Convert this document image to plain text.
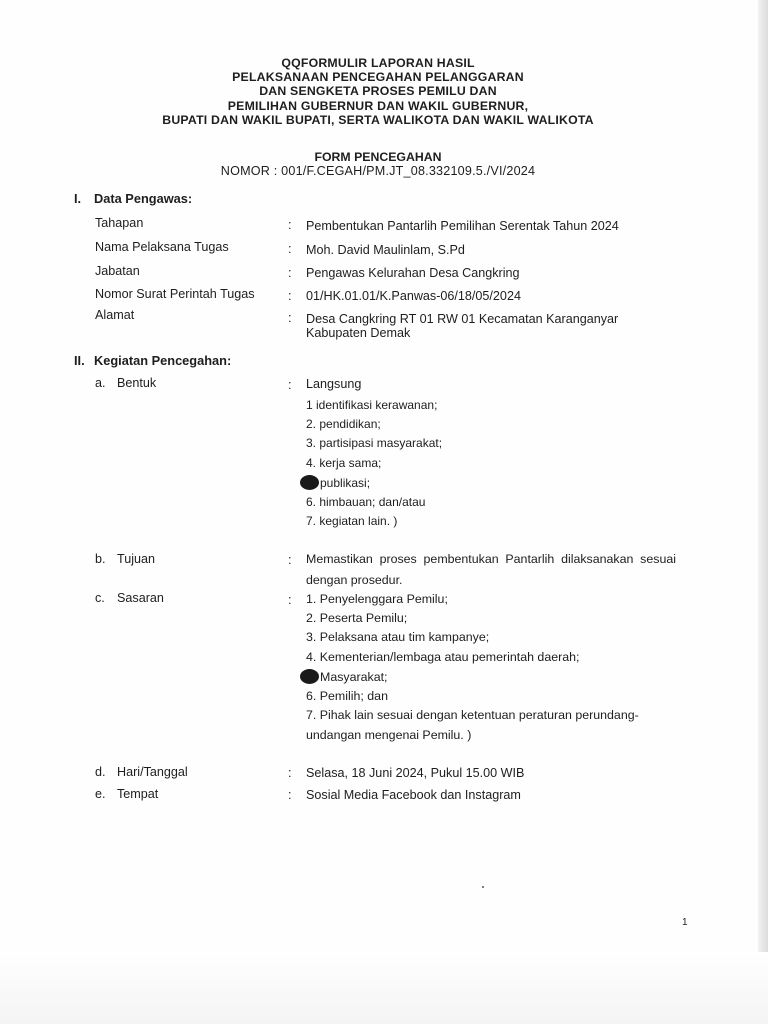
QQFORMULIR LAPORAN HASIL
PELAKSANAAN PENCEGAHAN PELANGGARAN
DAN SENGKETA PROSES PEMILU DAN
PEMILIHAN GUBERNUR DAN WAKIL GUBERNUR,
BUPATI DAN WAKIL BUPATI, SERTA WALIKOTA DAN WAKIL WALIKOTA
FORM PENCEGAHAN
NOMOR : 001/F.CEGAH/PM.JT_08.332109.5./VI/2024
I. Data Pengawas:
Tahapan	: Pembentukan Pantarlih Pemilihan Serentak Tahun 2024
Nama Pelaksana Tugas	: Moh. David Maulinlam, S.Pd
Jabatan	: Pengawas Kelurahan Desa Cangkring
Nomor Surat Perintah Tugas	: 01/HK.01.01/K.Panwas-06/18/05/2024
Alamat	: Desa Cangkring RT 01 RW 01 Kecamatan Karanganyar
Kabupaten Demak
II. Kegiatan Pencegahan:
a. Bentuk	: Langsung
1 identifikasi kerawanan;
2. pendidikan;
3. partisipasi masyarakat;
4. kerja sama;
publikasi;
6. himbauan; dan/atau
7. kegiatan lain. )
b. Tujuan	: Memastikan proses pembentukan Pantarlih dilaksanakan sesuai dengan prosedur.
c. Sasaran	: 1. Penyelenggara Pemilu;
2. Peserta Pemilu;
3. Pelaksana atau tim kampanye;
4. Kementerian/lembaga atau pemerintah daerah;
Masyarakat;
6. Pemilih; dan
7. Pihak lain sesuai dengan ketentuan peraturan perundang-
undangan mengenai Pemilu. )
d. Hari/Tanggal	: Selasa, 18 Juni 2024, Pukul 15.00 WIB
e. Tempat	: Sosial Media Facebook dan Instagram
1
